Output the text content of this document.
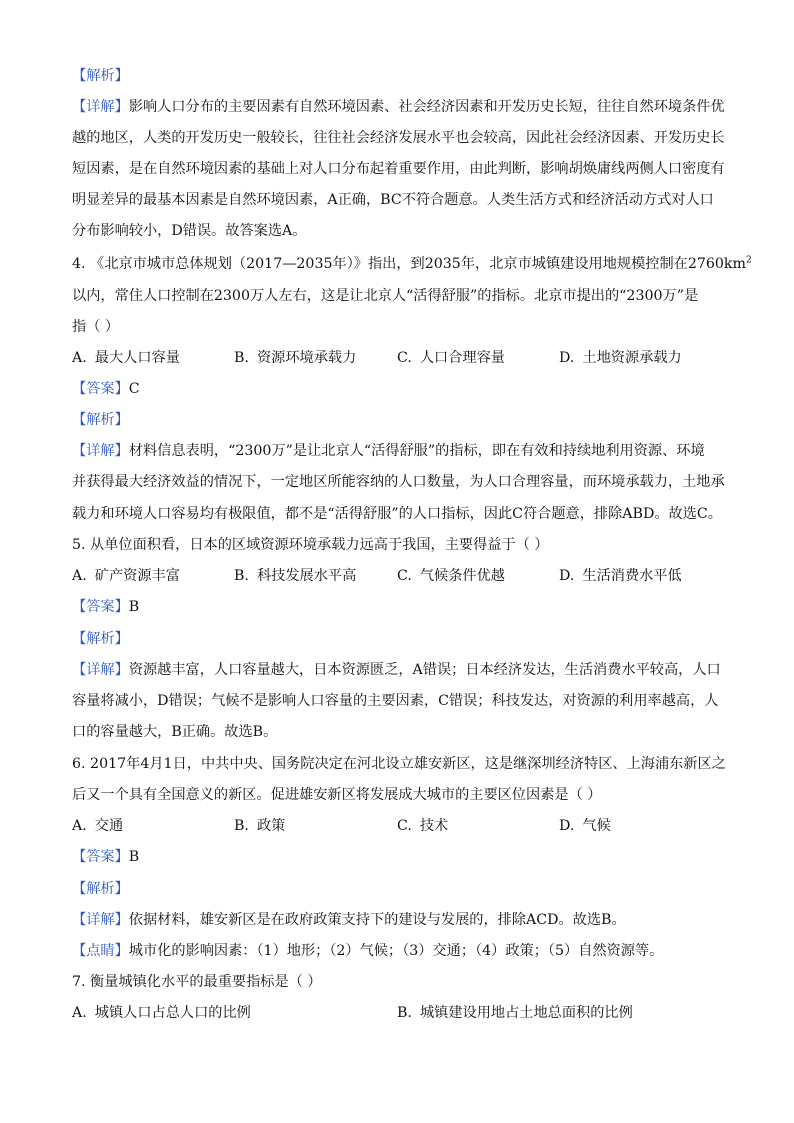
【解析】
【详解】影响人口分布的主要因素有自然环境因素、社会经济因素和开发历史长短，往往自然环境条件优
越的地区，人类的开发历史一般较长，往往社会经济发展水平也会较高，因此社会经济因素、开发历史长
短因素，是在自然环境因素的基础上对人口分布起着重要作用，由此判断，影响胡焕庸线两侧人口密度有
明显差异的最基本因素是自然环境因素，A正确，BC不符合题意。人类生活方式和经济活动方式对人口
分布影响较小，D错误。故答案选A。
4. 《北京市城市总体规划（2017—2035年）》指出，到2035年，北京市城镇建设用地规模控制在$2760km^2$
以内，常住人口控制在2300万人左右，这是让北京人“活得舒服”的指标。北京市提出的“2300万”是
指（ ）
A. 最大人口容量	B. 资源环境承载力	C. 人口合理容量	D. 土地资源承载力
【答案】C
【解析】
【详解】材料信息表明，“2300万”是让北京人“活得舒服”的指标，即在有效和持续地利用资源、环境
并获得最大经济效益的情况下，一定地区所能容纳的人口数量，为人口合理容量，而环境承载力，土地承
载力和环境人口容易均有极限值，都不是“活得舒服”的人口指标，因此C符合题意，排除ABD。故选C。
5. 从单位面积看，日本的区域资源环境承载力远高于我国，主要得益于（ ）
A. 矿产资源丰富	B. 科技发展水平高	C. 气候条件优越	D. 生活消费水平低
【答案】B
【解析】
【详解】资源越丰富，人口容量越大，日本资源匮乏，A错误；日本经济发达，生活消费水平较高，人口
容量将减小，D错误；气候不是影响人口容量的主要因素，C错误；科技发达，对资源的利用率越高，人
口的容量越大，B正确。故选B。
6. 2017年4月1日，中共中央、国务院决定在河北设立雄安新区，这是继深圳经济特区、上海浦东新区之
后又一个具有全国意义的新区。促进雄安新区将发展成大城市的主要区位因素是（ ）
A. 交通	B. 政策	C. 技术	D. 气候
【答案】B
【解析】
【详解】依据材料，雄安新区是在政府政策支持下的建设与发展的，排除ACD。故选B。
【点睛】城市化的影响因素：（1）地形；（2）气候；（3）交通；（4）政策；（5）自然资源等。
7. 衡量城镇化水平的最重要指标是（ ）
A. 城镇人口占总人口的比例	B. 城镇建设用地占土地总面积的比例
